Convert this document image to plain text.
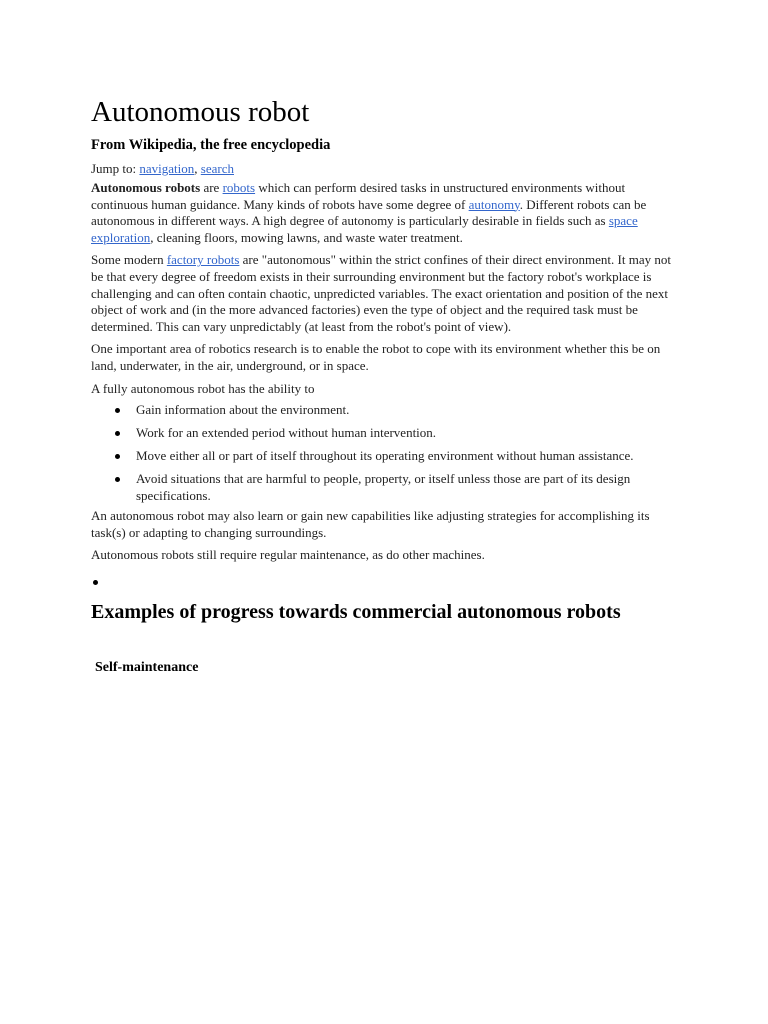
Autonomous robot
From Wikipedia, the free encyclopedia
Jump to: navigation, search

Autonomous robots are robots which can perform desired tasks in unstructured environments without continuous human guidance. Many kinds of robots have some degree of autonomy. Different robots can be autonomous in different ways. A high degree of autonomy is particularly desirable in fields such as space exploration, cleaning floors, mowing lawns, and waste water treatment.

Some modern factory robots are "autonomous" within the strict confines of their direct environment. It may not be that every degree of freedom exists in their surrounding environment but the factory robot's workplace is challenging and can often contain chaotic, unpredicted variables. The exact orientation and position of the next object of work and (in the more advanced factories) even the type of object and the required task must be determined. This can vary unpredictably (at least from the robot's point of view).

One important area of robotics research is to enable the robot to cope with its environment whether this be on land, underwater, in the air, underground, or in space.

A fully autonomous robot has the ability to

Gain information about the environment.
Work for an extended period without human intervention.
Move either all or part of itself throughout its operating environment without human assistance.
Avoid situations that are harmful to people, property, or itself unless those are part of its design specifications.

An autonomous robot may also learn or gain new capabilities like adjusting strategies for accomplishing its task(s) or adapting to changing surroundings.

Autonomous robots still require regular maintenance, as do other machines.

Examples of progress towards commercial autonomous robots
Self-maintenance
